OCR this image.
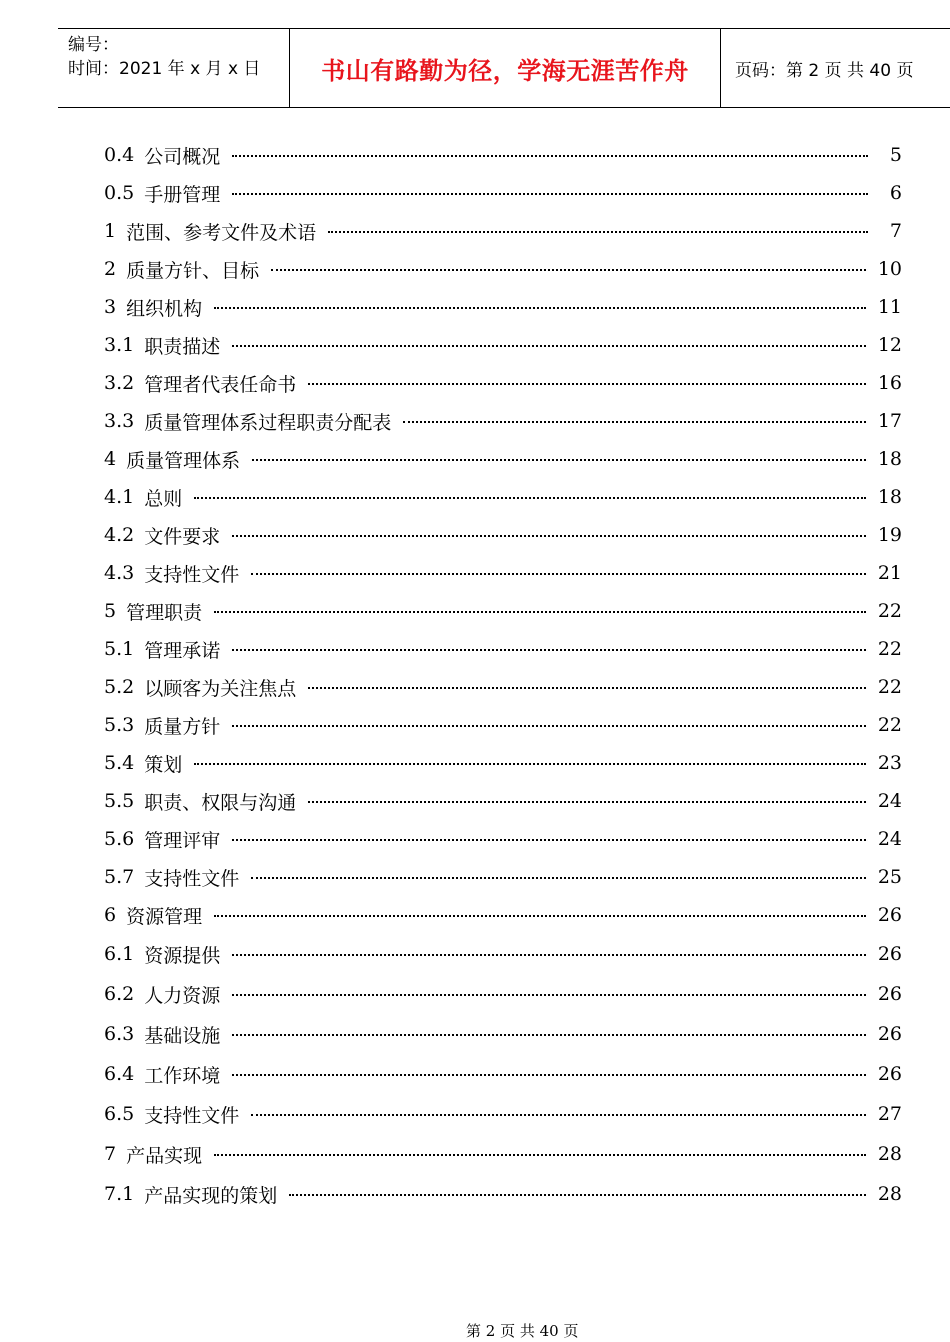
编号：
时间：2021 年 x 月 x 日	书山有路勤为径，学海无涯苦作舟	页码：第 2 页 共 40 页
0.4 公司概况	5
0.5 手册管理	6
1 范围、参考文件及术语	7
2 质量方针、目标	10
3 组织机构	11
3.1 职责描述	12
3.2 管理者代表任命书	16
3.3 质量管理体系过程职责分配表	17
4 质量管理体系	18
4.1 总则	18
4.2 文件要求	19
4.3 支持性文件	21
5 管理职责	22
5.1 管理承诺	22
5.2 以顾客为关注焦点	22
5.3 质量方针	22
5.4 策划	23
5.5 职责、权限与沟通	24
5.6 管理评审	24
5.7 支持性文件	25
6 资源管理	26
6.1 资源提供	26
6.2 人力资源	26
6.3 基础设施	26
6.4 工作环境	26
6.5 支持性文件	27
7 产品实现	28
7.1 产品实现的策划	28
第 2 页 共 40 页
